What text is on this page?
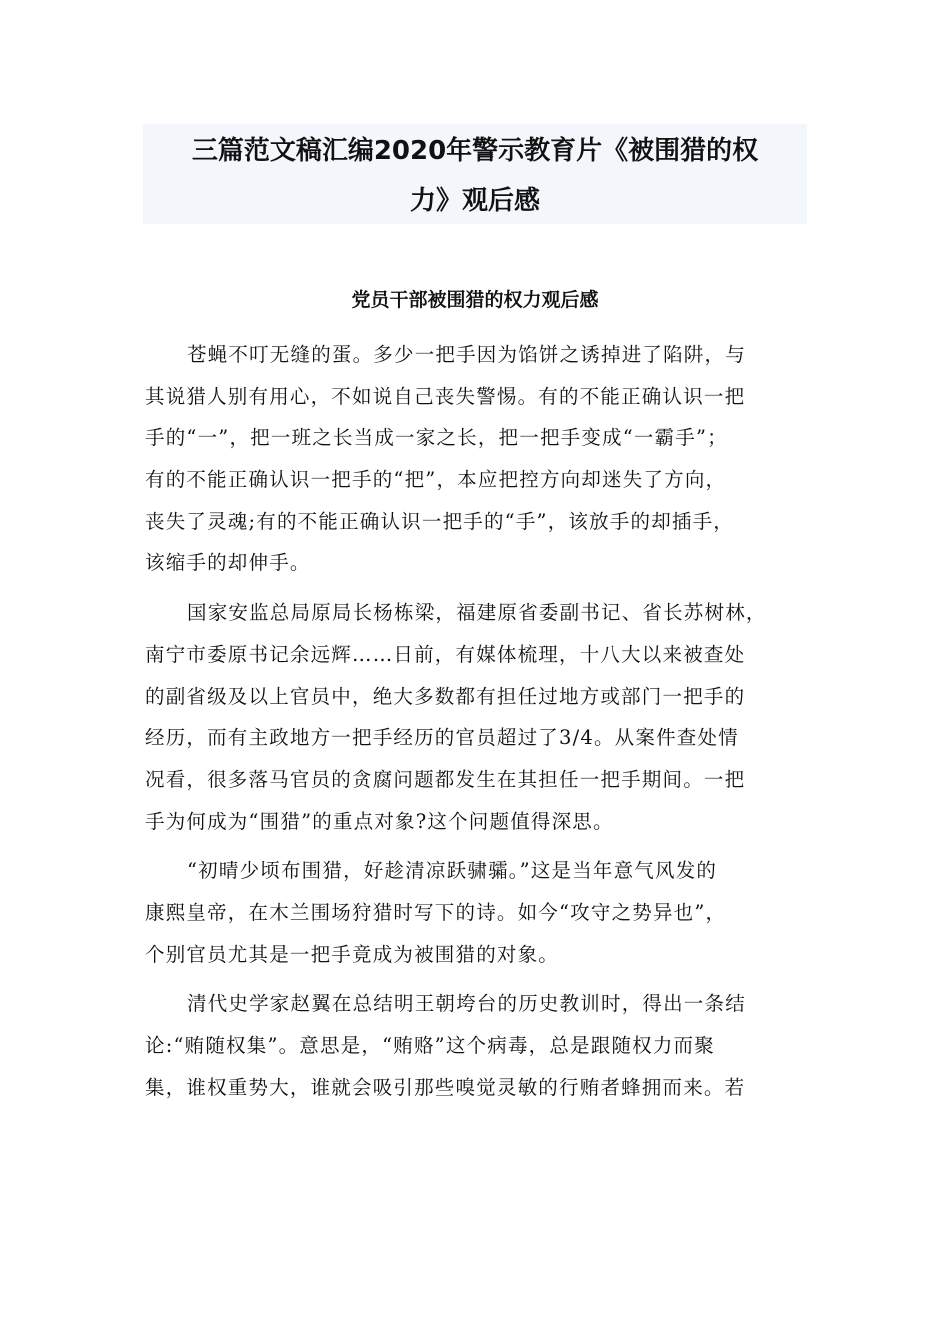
三篇范文稿汇编2020年警示教育片《被围猎的权
力》观后感
党员干部被围猎的权力观后感
苍蝇不叮无缝的蛋。多少一把手因为馅饼之诱掉进了陷阱，与
其说猎人别有用心，不如说自己丧失警惕。有的不能正确认识一把
手的“一”，把一班之长当成一家之长，把一把手变成“一霸手”；
有的不能正确认识一把手的“把”，本应把控方向却迷失了方向，
丧失了灵魂;有的不能正确认识一把手的“手”，该放手的却插手，
该缩手的却伸手。
国家安监总局原局长杨栋梁，福建原省委副书记、省长苏树林，
南宁市委原书记余远辉……日前，有媒体梳理，十八大以来被查处
的副省级及以上官员中，绝大多数都有担任过地方或部门一把手的
经历，而有主政地方一把手经历的官员超过了3/4。从案件查处情
况看，很多落马官员的贪腐问题都发生在其担任一把手期间。一把
手为何成为“围猎”的重点对象?这个问题值得深思。
“初晴少顷布围猎，好趁清凉跃骕骦。”这是当年意气风发的
康熙皇帝，在木兰围场狩猎时写下的诗。如今“攻守之势异也”，
个别官员尤其是一把手竟成为被围猎的对象。
清代史学家赵翼在总结明王朝垮台的历史教训时，得出一条结
论:“贿随权集”。意思是，“贿赂”这个病毒，总是跟随权力而聚
集，谁权重势大，谁就会吸引那些嗅觉灵敏的行贿者蜂拥而来。若
